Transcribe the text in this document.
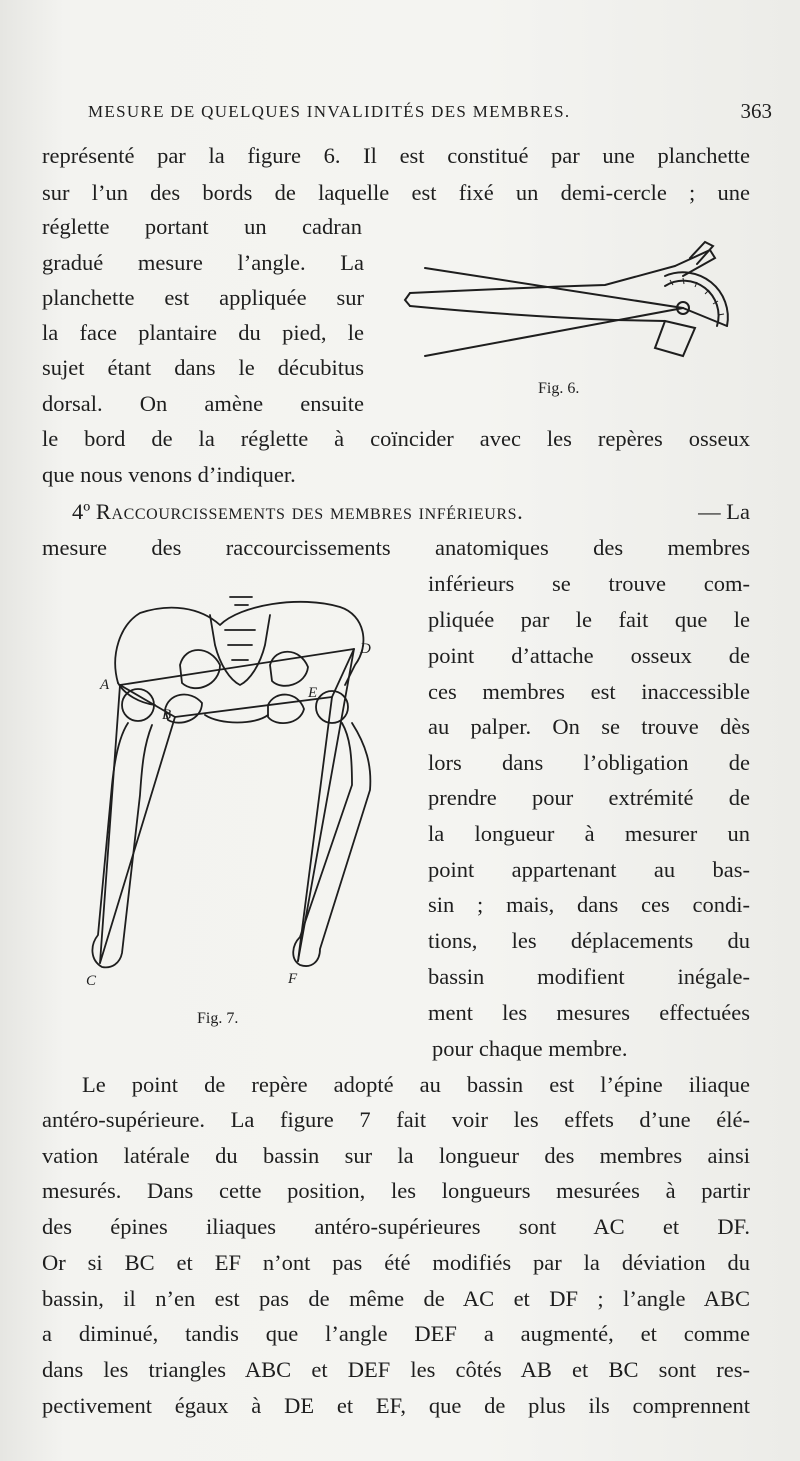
MESURE DE QUELQUES INVALIDITÉS DES MEMBRES.	363
représenté par la figure 6. Il est constitué par une planchette
sur l’un des bords de laquelle est fixé un demi-cercle ; une
réglette portant un cadran
gradué mesure l’angle. La
planchette est appliquée sur
la face plantaire du pied, le
sujet étant dans le décubitus
dorsal. On amène ensuite
le bord de la réglette à coïncider avec les repères osseux
que nous venons d’indiquer.
Fig. 6.
4º Raccourcissements des membres inférieurs.	— La
mesure des raccourcissements anatomiques des membres
inférieurs se trouve com-
pliquée par le fait que le
point d’attache osseux de
ces membres est inaccessible
au palper. On se trouve dès
lors dans l’obligation de
prendre pour extrémité de
la longueur à mesurer un
point appartenant au bas-
sin ; mais, dans ces condi-
tions, les déplacements du
bassin modifient inégale-
ment les mesures effectuées
pour chaque membre.
A
B
C
D
E
F
Fig. 7.
Le point de repère adopté au bassin est l’épine iliaque
antéro-supérieure. La figure 7 fait voir les effets d’une élé-
vation latérale du bassin sur la longueur des membres ainsi
mesurés. Dans cette position, les longueurs mesurées à partir
des épines iliaques antéro-supérieures sont AC et DF.
Or si BC et EF n’ont pas été modifiés par la déviation du
bassin, il n’en est pas de même de AC et DF ; l’angle ABC
a diminué, tandis que l’angle DEF a augmenté, et comme
dans les triangles ABC et DEF les côtés AB et BC sont res-
pectivement égaux à DE et EF, que de plus ils comprennent
